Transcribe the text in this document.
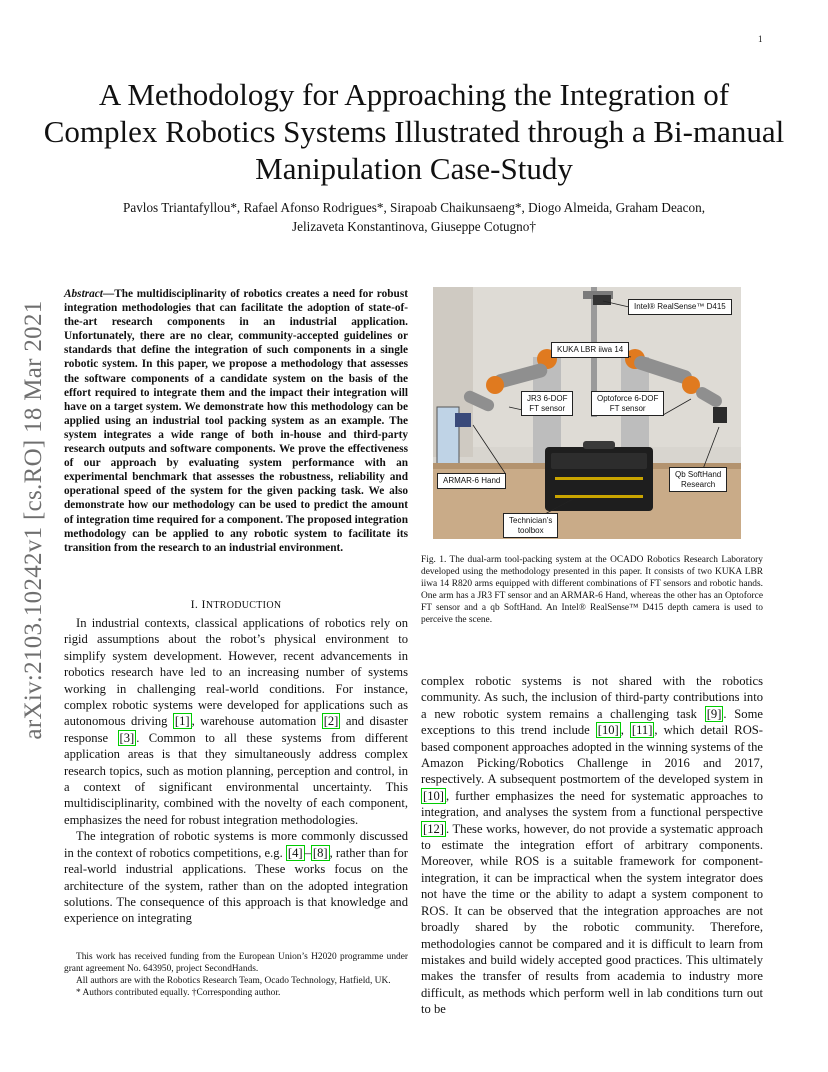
1
A Methodology for Approaching the Integration of Complex Robotics Systems Illustrated through a Bi-manual Manipulation Case-Study
Pavlos Triantafyllou*, Rafael Afonso Rodrigues*, Sirapoab Chaikunsaeng*, Diogo Almeida, Graham Deacon,
Jelizaveta Konstantinova, Giuseppe Cotugno†
arXiv:2103.10242v1 [cs.RO] 18 Mar 2021
Abstract—The multidisciplinarity of robotics creates a need for robust integration methodologies that can facilitate the adoption of state-of-the-art research components in an industrial application. Unfortunately, there are no clear, community-accepted guidelines or standards that define the integration of such components in a single robotic system. In this paper, we propose a methodology that assesses the software components of a candidate system on the basis of the effort required to integrate them and the impact their integration will have on a target system. We demonstrate how this methodology can be applied using an industrial tool packing system as an example. The system integrates a wide range of both in-house and third-party research outputs and software components. We prove the effectiveness of our approach by evaluating system performance with an experimental benchmark that assesses the robustness, reliability and operational speed of the system for the given packing task. We also demonstrate how our methodology can be used to predict the amount of integration time required for a component. The proposed integration methodology can be applied to any robotic system to facilitate its transition from the research to an industrial environment.
Intel® RealSense™ D415
KUKA LBR iiwa 14
JR3 6-DOF
FT sensor
Optoforce 6-DOF
FT sensor
ARMAR-6 Hand
Qb SoftHand
Research
Technician’s
toolbox
Fig. 1. The dual-arm tool-packing system at the OCADO Robotics Research Laboratory developed using the methodology presented in this paper. It consists of two KUKA LBR iiwa 14 R820 arms equipped with different combinations of FT sensors and robotic hands. One arm has a JR3 FT sensor and an ARMAR-6 Hand, whereas the other has an Optoforce FT sensor and a qb SoftHand. An Intel® RealSense™ D415 depth camera is used to perceive the scene.
I. INTRODUCTION

In industrial contexts, classical applications of robotics rely on rigid assumptions about the robot’s physical environment to simplify system development. However, recent advancements in robotics research have led to an increasing number of systems working in challenging real-world conditions. For instance, complex robotic systems were developed for applications such as autonomous driving [1] , warehouse automation [2] and disaster response [3] . Common to all these systems from different application areas is that they simultaneously address complex research topics, such as motion planning, perception and control, in a context of significant environmental uncertainty. This multidisciplinarity, combined with the novelty of each component, emphasizes the need for robust integration methodologies.

The integration of robotic systems is more commonly discussed in the context of robotics competitions, e.g. [4] – [8] , rather than for real-world industrial applications. These works focus on the architecture of the system, rather than on the adopted integration solutions. The consequence of this approach is that knowledge and experience on integrating

This work has received funding from the European Union’s H2020 programme under grant agreement No. 643950, project SecondHands.

All authors are with the Robotics Research Team, Ocado Technology, Hatfield, UK.

* Authors contributed equally. †Corresponding author.

complex robotic systems is not shared with the robotics community. As such, the inclusion of third-party contributions into a new robotic system remains a challenging task [9] . Some exceptions to this trend include [10] , [11] , which detail ROS-based component approaches adopted in the winning systems of the Amazon Picking/Robotics Challenge in 2016 and 2017, respectively. A subsequent postmortem of the developed system in [10] , further emphasizes the need for systematic approaches to integration, and analyses the system from a functional perspective [12] . These works, however, do not provide a systematic approach to estimate the integration effort of arbitrary components. Moreover, while ROS is a suitable framework for component-integration, it can be impractical when the system integrator does not have the time or the ability to adapt a system component to ROS. It can be observed that the integration approaches are not broadly shared by the robotic community. Therefore, methodologies cannot be compared and it is difficult to learn from mistakes and build widely accepted good practices. This ultimately makes the transfer of results from academia to industry more difficult, as methods which perform well in lab conditions turn out to be
